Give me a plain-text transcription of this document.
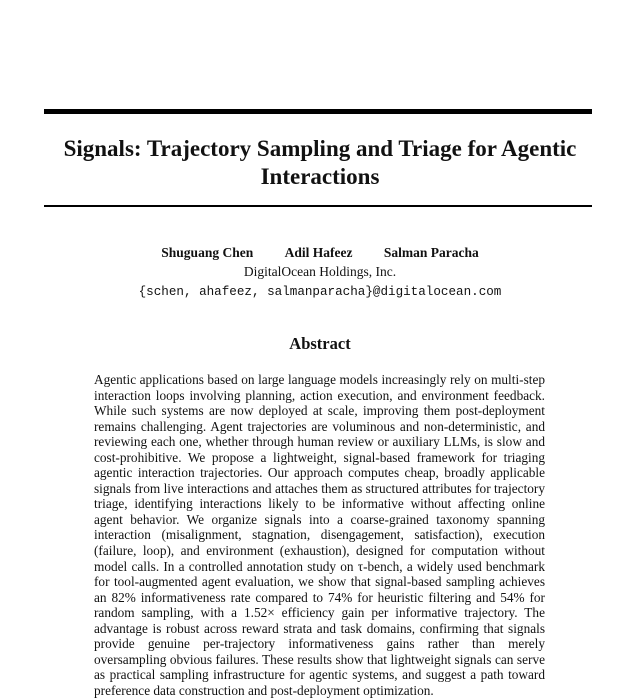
Signals: Trajectory Sampling and Triage for Agentic Interactions
Shuguang Chen Adil Hafeez Salman Paracha
DigitalOcean Holdings, Inc.
{schen, ahafeez, salmanparacha}@digitalocean.com
Abstract

Agentic applications based on large language models increasingly rely on multi-step interaction loops involving planning, action execution, and environment feedback. While such systems are now deployed at scale, improving them post-deployment remains challenging. Agent trajectories are voluminous and non-deterministic, and reviewing each one, whether through human review or auxiliary LLMs, is slow and cost-prohibitive. We propose a lightweight, signal-based framework for triaging agentic interaction trajectories. Our approach computes cheap, broadly applicable signals from live interactions and attaches them as structured attributes for trajectory triage, identifying interactions likely to be informative without affecting online agent behavior. We organize signals into a coarse-grained taxonomy spanning interaction (misalignment, stagnation, disengagement, satisfaction), execution (failure, loop), and environment (exhaustion), designed for computation without model calls. In a controlled annotation study on τ-bench, a widely used benchmark for tool-augmented agent evaluation, we show that signal-based sampling achieves an 82% informativeness rate compared to 74% for heuristic filtering and 54% for random sampling, with a 1.52× efficiency gain per informative trajectory. The advantage is robust across reward strata and task domains, confirming that signals provide genuine per-trajectory informativeness gains rather than merely oversampling obvious failures. These results show that lightweight signals can serve as practical sampling infrastructure for agentic systems, and suggest a path toward preference data construction and post-deployment optimization.
